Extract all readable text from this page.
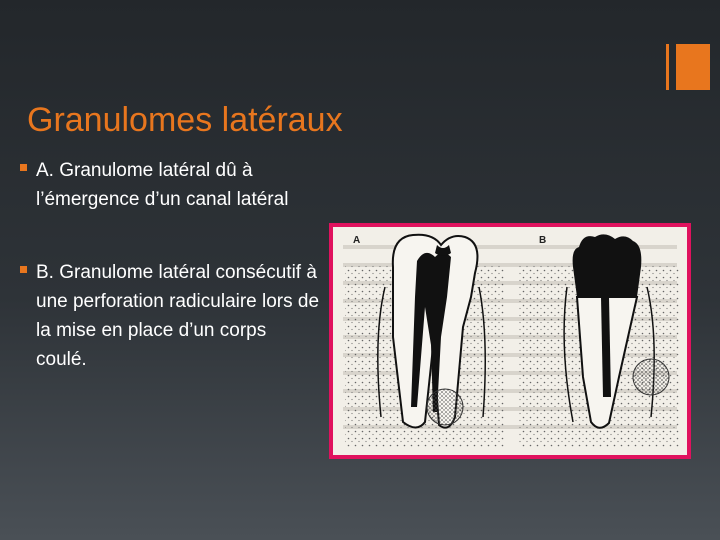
Granulomes latéraux
A. Granulome latéral dû à l’émergence d’un canal latéral
B. Granulome latéral consécutif à une perforation radiculaire lors de la mise en place d’un corps coulé.
A	B
